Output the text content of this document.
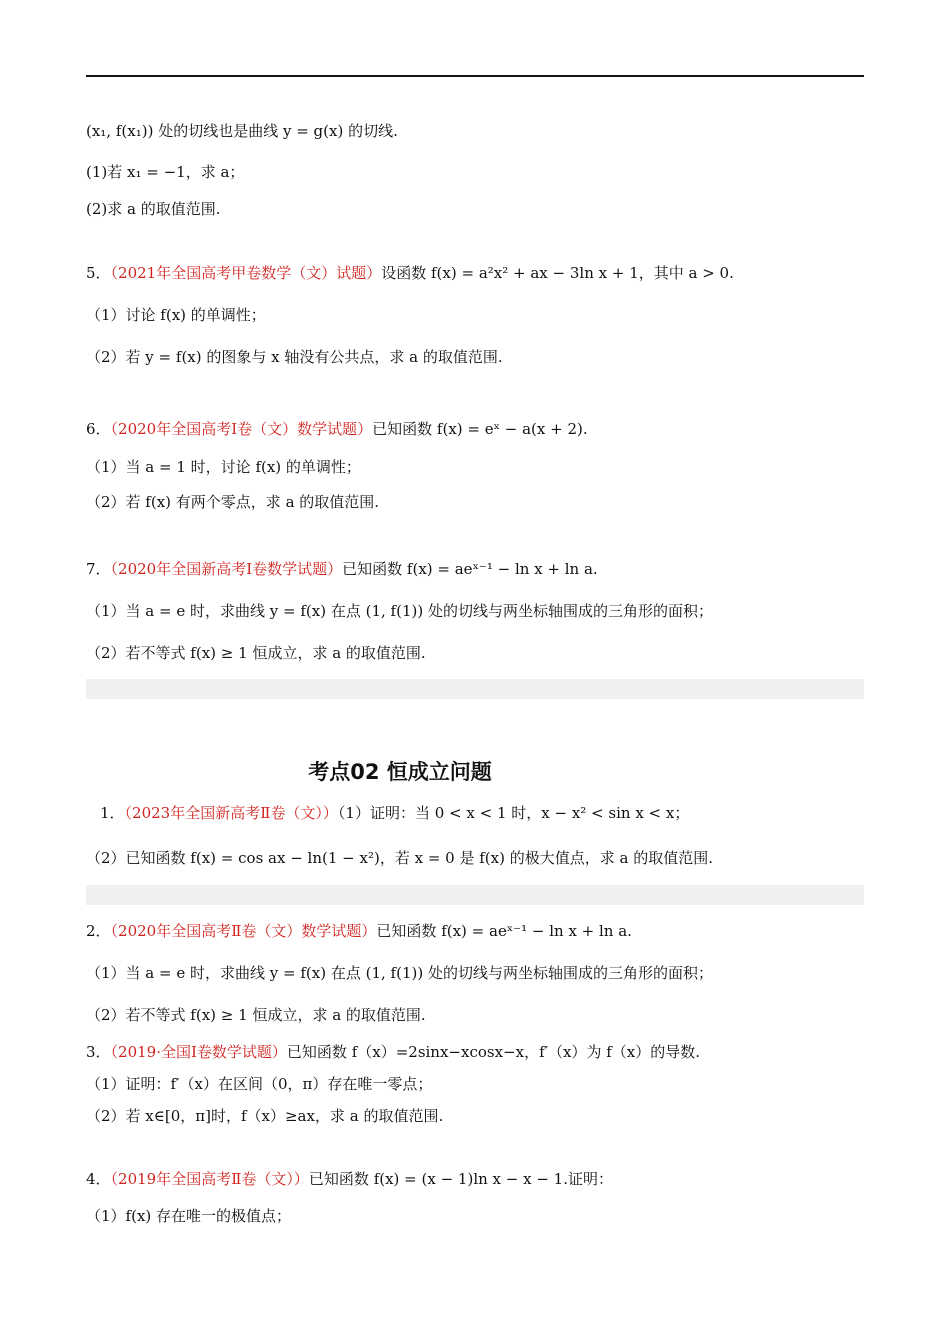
(x₁, f(x₁)) 处的切线也是曲线 y = g(x) 的切线.
(1)若 x₁ = −1，求 a；
(2)求 a 的取值范围.
5．（2021年全国高考甲卷数学（文）试题）设函数 f(x) = a²x² + ax − 3ln x + 1，其中 a > 0.
（1）讨论 f(x) 的单调性；
（2）若 y = f(x) 的图象与 x 轴没有公共点，求 a 的取值范围.
6．（2020年全国高考Ⅰ卷（文）数学试题）已知函数 f(x) = eˣ − a(x + 2).
（1）当 a = 1 时，讨论 f(x) 的单调性；
（2）若 f(x) 有两个零点，求 a 的取值范围.
7．（2020年全国新高考Ⅰ卷数学试题）已知函数 f(x) = aeˣ⁻¹ − ln x + ln a.
（1）当 a = e 时，求曲线 y = f(x) 在点 (1, f(1)) 处的切线与两坐标轴围成的三角形的面积；
（2）若不等式 f(x) ≥ 1 恒成立，求 a 的取值范围.
考点02 恒成立问题
1．（2023年全国新高考Ⅱ卷（文））（1）证明：当 0 < x < 1 时，x − x² < sin x < x；
（2）已知函数 f(x) = cos ax − ln(1 − x²)，若 x = 0 是 f(x) 的极大值点，求 a 的取值范围.
2．（2020年全国高考Ⅱ卷（文）数学试题）已知函数 f(x) = aeˣ⁻¹ − ln x + ln a.
（1）当 a = e 时，求曲线 y = f(x) 在点 (1, f(1)) 处的切线与两坐标轴围成的三角形的面积；
（2）若不等式 f(x) ≥ 1 恒成立，求 a 的取值范围.
3．（2019·全国Ⅰ卷数学试题）已知函数 f（x）=2sinx−xcosx−x，f′（x）为 f（x）的导数.
（1）证明：f′（x）在区间（0，π）存在唯一零点；
（2）若 x∈[0，π]时，f（x）≥ax，求 a 的取值范围.
4．（2019年全国高考Ⅱ卷（文））已知函数 f(x) = (x − 1)ln x − x − 1.证明：
（1）f(x) 存在唯一的极值点；
